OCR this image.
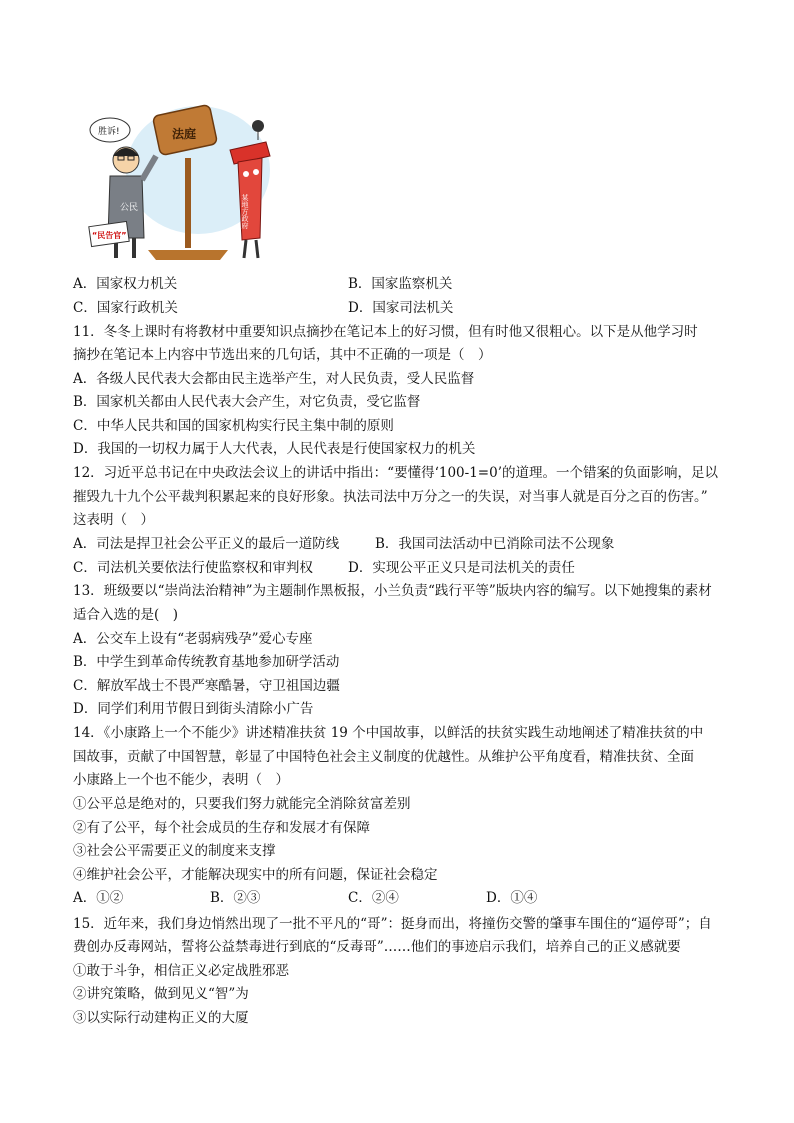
法庭
公民
“民告官”
胜诉!
某地方政府
A．国家权力机关	B．国家监察机关
C．国家行政机关	D．国家司法机关
11．冬冬上课时有将教材中重要知识点摘抄在笔记本上的好习惯，但有时他又很粗心。以下是从他学习时
摘抄在笔记本上内容中节选出来的几句话，其中不正确的一项是（　）
A．各级人民代表大会都由民主选举产生，对人民负责，受人民监督
B．国家机关都由人民代表大会产生，对它负责，受它监督
C．中华人民共和国的国家机构实行民主集中制的原则
D．我国的一切权力属于人大代表，人民代表是行使国家权力的机关
12．习近平总书记在中央政法会议上的讲话中指出：“要懂得‘100-1=0’的道理。一个错案的负面影响，足以
摧毁九十九个公平裁判积累起来的良好形象。执法司法中万分之一的失误，对当事人就是百分之百的伤害。”
这表明（　）
A．司法是捍卫社会公平正义的最后一道防线	B．我国司法活动中已消除司法不公现象
C．司法机关要依法行使监察权和审判权	D．实现公平正义只是司法机关的责任
13．班级要以“崇尚法治精神”为主题制作黑板报，小兰负责“践行平等”版块内容的编写。以下她搜集的素材
适合入选的是(　)
A．公交车上设有“老弱病残孕”爱心专座
B．中学生到革命传统教育基地参加研学活动
C．解放军战士不畏严寒酷暑，守卫祖国边疆
D．同学们利用节假日到街头清除小广告
14．《小康路上一个不能少》讲述精准扶贫 19 个中国故事，以鲜活的扶贫实践生动地阐述了精准扶贫的中
国故事，贡献了中国智慧，彰显了中国特色社会主义制度的优越性。从维护公平角度看，精准扶贫、全面
小康路上一个也不能少，表明（　）
①公平总是绝对的，只要我们努力就能完全消除贫富差别
②有了公平，每个社会成员的生存和发展才有保障
③社会公平需要正义的制度来支撑
④维护社会公平，才能解决现实中的所有问题，保证社会稳定
A．①②	B．②③	C．②④	D．①④
15．近年来，我们身边悄然出现了一批不平凡的“哥”：挺身而出，将撞伤交警的肇事车围住的“逼停哥”；自
费创办反毒网站，誓将公益禁毒进行到底的“反毒哥”……他们的事迹启示我们，培养自己的正义感就要
①敢于斗争，相信正义必定战胜邪恶
②讲究策略，做到见义“智”为
③以实际行动建构正义的大厦
